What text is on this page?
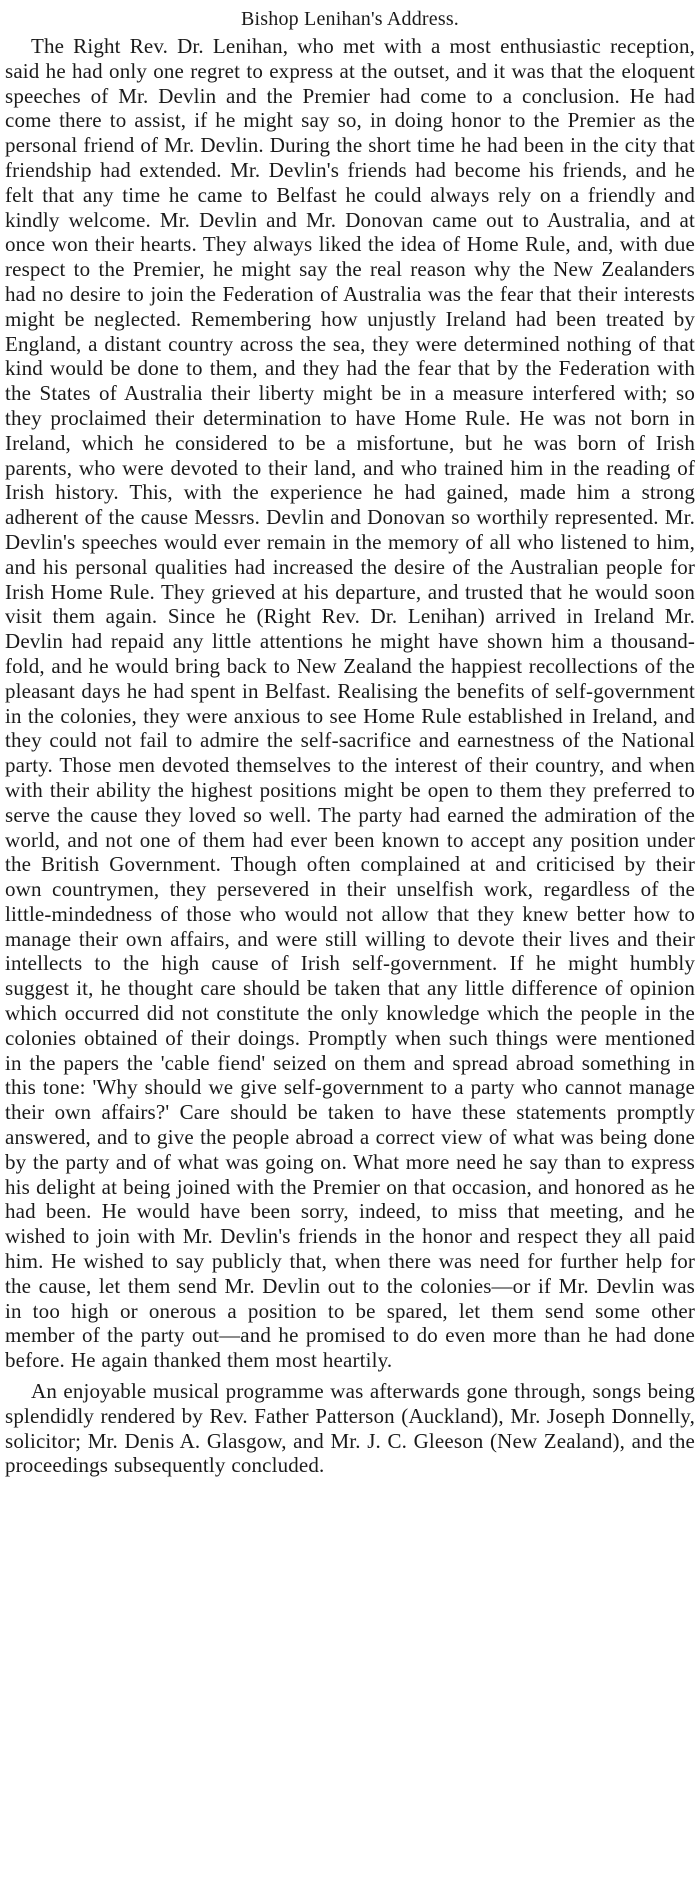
Bishop Lenihan's Address.

The Right Rev. Dr. Lenihan, who met with a most enthusiastic reception, said he had only one regret to express at the outset, and it was that the eloquent speeches of Mr. Devlin and the Premier had come to a conclusion. He had come there to assist, if he might say so, in doing honor to the Premier as the personal friend of Mr. Devlin. During the short time he had been in the city that friendship had extended. Mr. Devlin's friends had become his friends, and he felt that any time he came to Belfast he could always rely on a friendly and kindly welcome. Mr. Devlin and Mr. Donovan came out to Australia, and at once won their hearts. They always liked the idea of Home Rule, and, with due respect to the Premier, he might say the real reason why the New Zealanders had no desire to join the Federation of Australia was the fear that their interests might be neglected. Remembering how unjustly Ireland had been treated by England, a distant country across the sea, they were determined nothing of that kind would be done to them, and they had the fear that by the Federation with the States of Australia their liberty might be in a measure interfered with; so they proclaimed their determination to have Home Rule. He was not born in Ireland, which he considered to be a misfortune, but he was born of Irish parents, who were devoted to their land, and who trained him in the reading of Irish history. This, with the experience he had gained, made him a strong adherent of the cause Messrs. Devlin and Donovan so worthily represented. Mr. Devlin's speeches would ever remain in the memory of all who listened to him, and his personal qualities had increased the desire of the Australian people for Irish Home Rule. They grieved at his departure, and trusted that he would soon visit them again. Since he (Right Rev. Dr. Lenihan) arrived in Ireland Mr. Devlin had repaid any little attentions he might have shown him a thousand-fold, and he would bring back to New Zealand the happiest recollections of the pleasant days he had spent in Belfast. Realising the benefits of self-government in the colonies, they were anxious to see Home Rule established in Ireland, and they could not fail to admire the self-sacrifice and earnestness of the National party. Those men devoted themselves to the interest of their country, and when with their ability the highest positions might be open to them they preferred to serve the cause they loved so well. The party had earned the admiration of the world, and not one of them had ever been known to accept any position under the British Government. Though often complained at and criticised by their own countrymen, they persevered in their unselfish work, regardless of the little-mindedness of those who would not allow that they knew better how to manage their own affairs, and were still willing to devote their lives and their intellects to the high cause of Irish self-government. If he might humbly suggest it, he thought care should be taken that any little difference of opinion which occurred did not constitute the only knowledge which the people in the colonies obtained of their doings. Promptly when such things were mentioned in the papers the 'cable fiend' seized on them and spread abroad something in this tone: 'Why should we give self-government to a party who cannot manage their own affairs?' Care should be taken to have these statements promptly answered, and to give the people abroad a correct view of what was being done by the party and of what was going on. What more need he say than to express his delight at being joined with the Premier on that occasion, and honored as he had been. He would have been sorry, indeed, to miss that meeting, and he wished to join with Mr. Devlin's friends in the honor and respect they all paid him. He wished to say publicly that, when there was need for further help for the cause, let them send Mr. Devlin out to the colonies—or if Mr. Devlin was in too high or onerous a position to be spared, let them send some other member of the party out—and he promised to do even more than he had done before. He again thanked them most heartily.

An enjoyable musical programme was afterwards gone through, songs being splendidly rendered by Rev. Father Patterson (Auckland), Mr. Joseph Donnelly, solicitor; Mr. Denis A. Glasgow, and Mr. J. C. Gleeson (New Zealand), and the proceedings subsequently concluded.
